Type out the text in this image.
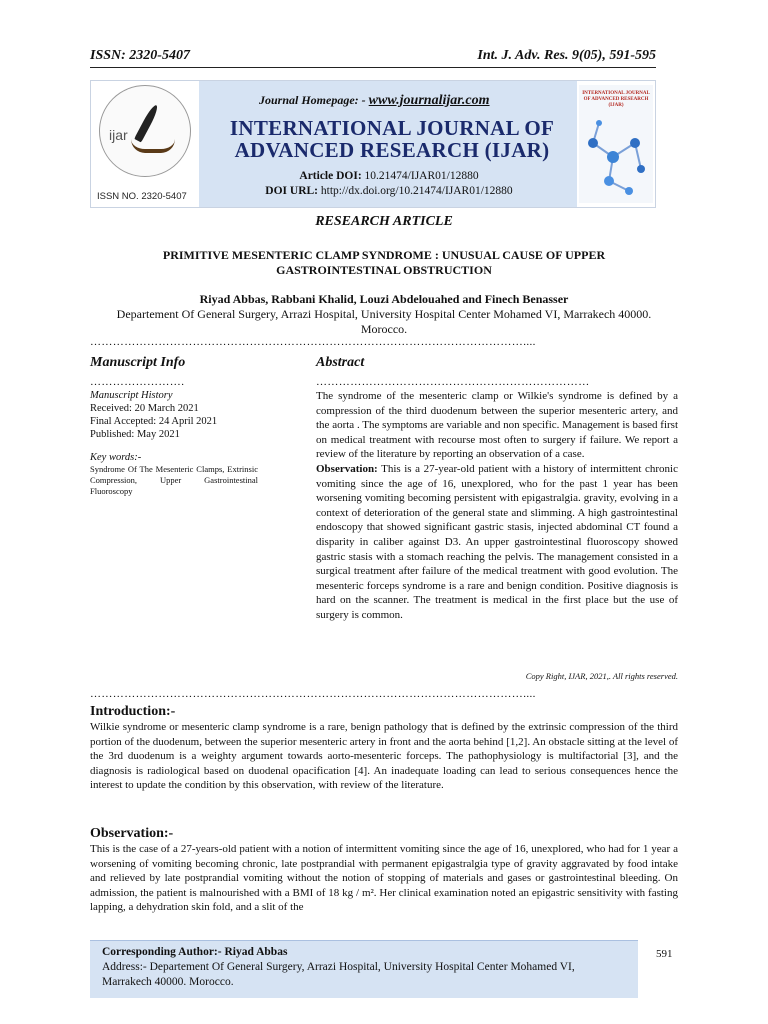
ISSN: 2320-5407	Int. J. Adv. Res. 9(05), 591-595
ijar
ISSN NO. 2320-5407
Journal Homepage: - www.journalijar.com
INTERNATIONAL JOURNAL OF
ADVANCED RESEARCH (IJAR)
Article DOI: 10.21474/IJAR01/12880
DOI URL: http://dx.doi.org/10.21474/IJAR01/12880
INTERNATIONAL JOURNAL OF ADVANCED RESEARCH (IJAR)
RESEARCH ARTICLE
PRIMITIVE MESENTERIC CLAMP SYNDROME : UNUSUAL CAUSE OF UPPER GASTROINTESTINAL OBSTRUCTION
Riyad Abbas, Rabbani Khalid, Louzi Abdelouahed and Finech Benasser
Departement Of General Surgery, Arrazi Hospital, University Hospital Center Mohamed VI, Marrakech 40000. Morocco.
……………………………………………………………………………………………………....
Manuscript Info	Abstract
…………………….	………………………………………………………………
Manuscript History
Received: 20 March 2021
Final Accepted: 24 April 2021
Published: May 2021
Key words:-
Syndrome Of The Mesenteric Clamps, Extrinsic Compression, Upper Gastrointestinal Fluoroscopy

The syndrome of the mesenteric clamp or Wilkie's syndrome is defined by a compression of the third duodenum between the superior mesenteric artery, and the aorta . The symptoms are variable and non specific. Management is based first on medical treatment with recourse most often to surgery if failure. We report a review of the literature by reporting an observation of a case.

Observation: This is a 27-year-old patient with a history of intermittent chronic vomiting since the age of 16, unexplored, who for the past 1 year has been worsening vomiting becoming persistent with epigastralgia. gravity, evolving in a context of deterioration of the general state and slimming. A high gastrointestinal endoscopy that showed significant gastric stasis, injected abdominal CT found a disparity in caliber against D3. An upper gastrointestinal fluoroscopy showed gastric stasis with a stomach reaching the pelvis. The management consisted in a surgical treatment after failure of the medical treatment with good evolution. The mesenteric forceps syndrome is a rare and benign condition. Positive diagnosis is hard on the scanner. The treatment is medical in the first place but the use of surgery is common.

Copy Right, IJAR, 2021,. All rights reserved.
……………………………………………………………………………………………………....
Introduction:-
Wilkie syndrome or mesenteric clamp syndrome is a rare, benign pathology that is defined by the extrinsic compression of the third portion of the duodenum, between the superior mesenteric artery in front and the aorta behind [1,2]. An obstacle sitting at the level of the 3rd duodenum is a weighty argument towards aorto-mesenteric forceps. The pathophysiology is multifactorial [3], and the diagnosis is radiological based on duodenal opacification [4]. An inadequate loading can lead to serious consequences hence the interest to update the condition by this observation, with review of the literature.
Observation:-
This is the case of a 27-years-old patient with a notion of intermittent vomiting since the age of 16, unexplored, who had for 1 year a worsening of vomiting becoming chronic, late postprandial with permanent epigastralgia type of gravity aggravated by food intake and relieved by late postprandial vomiting without the notion of stopping of materials and gases or gastrointestinal bleeding. On admission, the patient is malnourished with a BMI of 18 kg / m². Her clinical examination noted an epigastric sensitivity with fasting lapping, a dehydration skin fold, and a slit of the
Corresponding Author:- Riyad Abbas
Address:- Departement Of General Surgery, Arrazi Hospital, University Hospital Center Mohamed VI, Marrakech 40000. Morocco.
591
